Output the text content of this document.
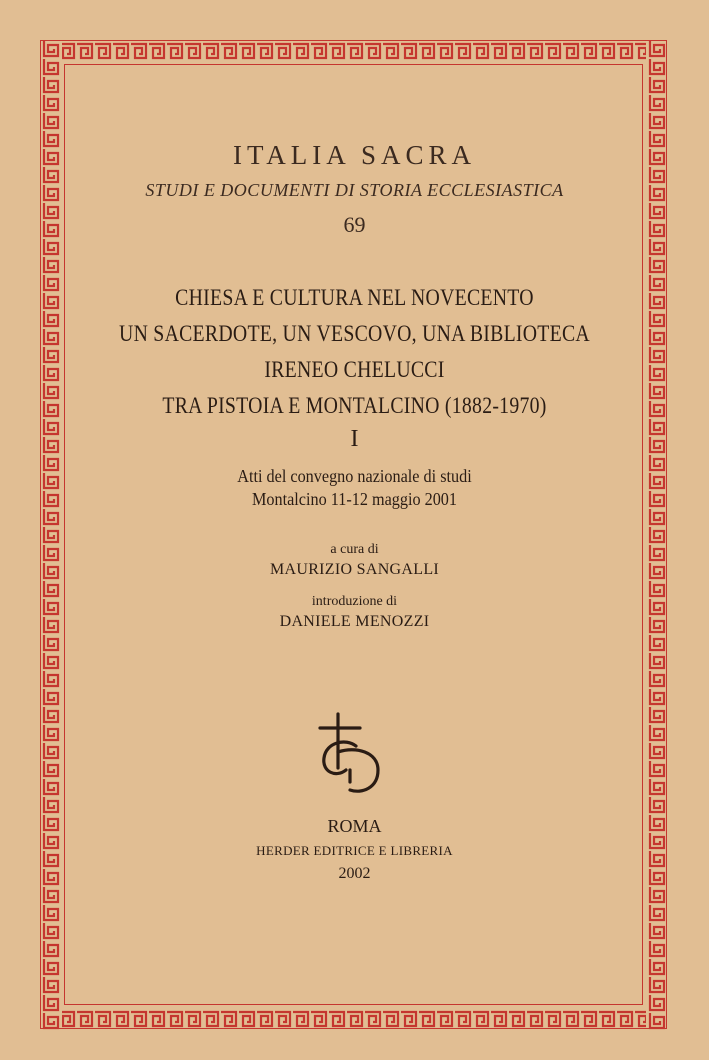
ITALIA SACRA
STUDI E DOCUMENTI DI STORIA ECCLESIASTICA
69
CHIESA E CULTURA NEL NOVECENTO
UN SACERDOTE, UN VESCOVO, UNA BIBLIOTECA
IRENEO CHELUCCI
TRA PISTOIA E MONTALCINO (1882-1970)
I
Atti del convegno nazionale di studi
Montalcino 11-12 maggio 2001
a cura di
MAURIZIO SANGALLI
introduzione di
DANIELE MENOZZI
ROMA
HERDER EDITRICE E LIBRERIA
2002
